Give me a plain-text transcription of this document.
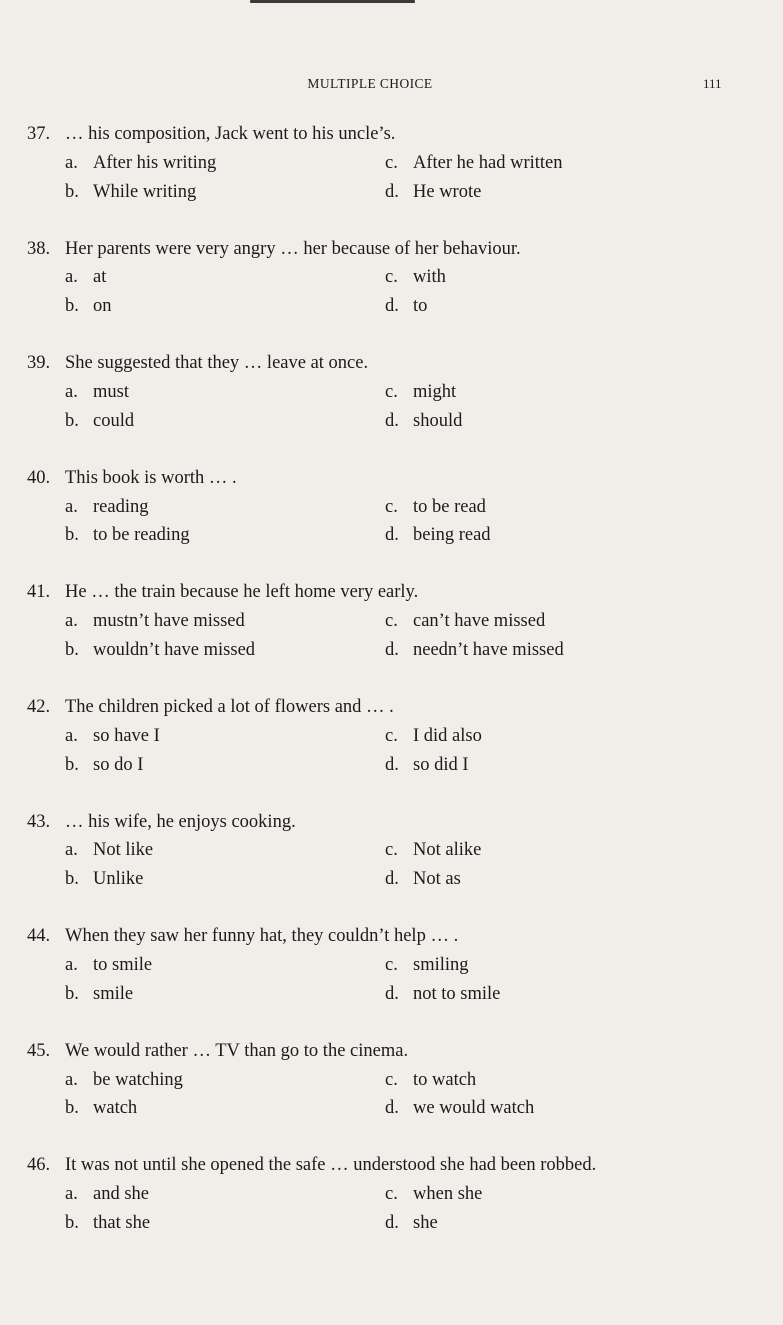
MULTIPLE CHOICE	111
37. … his composition, Jack went to his uncle’s.
a. After his writing	c. After he had written
b. While writing	d. He wrote
38. Her parents were very angry … her because of her behaviour.
a. at	c. with
b. on	d. to
39. She suggested that they … leave at once.
a. must	c. might
b. could	d. should
40. This book is worth … .
a. reading	c. to be read
b. to be reading	d. being read
41. He … the train because he left home very early.
a. mustn’t have missed	c. can’t have missed
b. wouldn’t have missed	d. needn’t have missed
42. The children picked a lot of flowers and … .
a. so have I	c. I did also
b. so do I	d. so did I
43. … his wife, he enjoys cooking.
a. Not like	c. Not alike
b. Unlike	d. Not as
44. When they saw her funny hat, they couldn’t help … .
a. to smile	c. smiling
b. smile	d. not to smile
45. We would rather … TV than go to the cinema.
a. be watching	c. to watch
b. watch	d. we would watch
46. It was not until she opened the safe … understood she had been robbed.
a. and she	c. when she
b. that she	d. she
